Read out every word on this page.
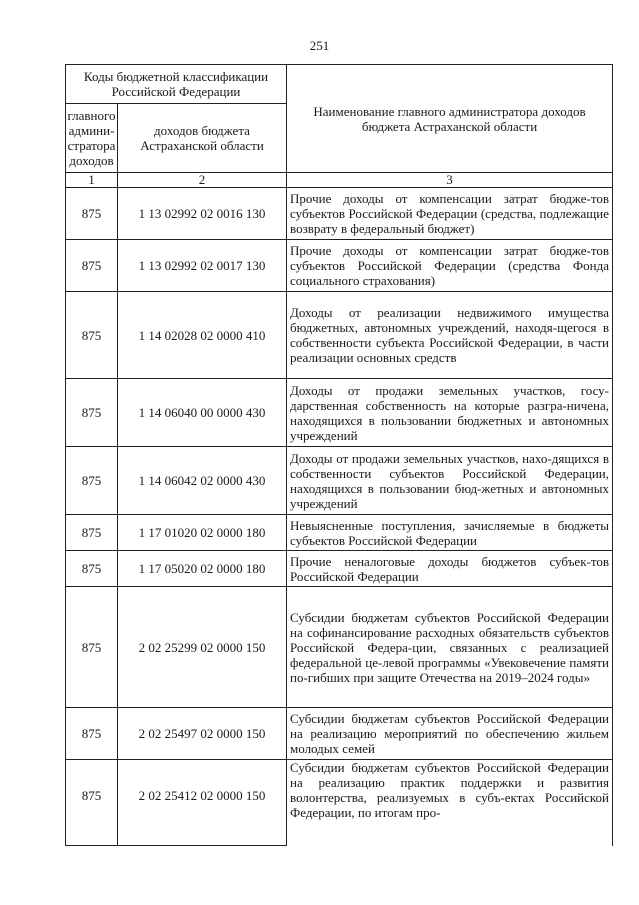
251
Коды бюджетной классификации Российской Федерации		Наименование главного администратора доходов бюджета Астраханской области
главного админи-стратора доходов	доходов бюджета Астраханской области	
1	2	3
875	1 13 02992 02 0016 130	Прочие доходы от компенсации затрат бюдже-тов субъектов Российской Федерации (средства, подлежащие возврату в федеральный бюджет)

875	1 13 02992 02 0017 130	Прочие доходы от компенсации затрат бюдже-тов субъектов Российской Федерации (средства Фонда социального страхования)

875	1 14 02028 02 0000 410	Доходы от реализации недвижимого имущества бюджетных, автономных учреждений, находя-щегося в собственности субъекта Российской Федерации, в части реализации основных средств

875	1 14 06040 00 0000 430	Доходы от продажи земельных участков, госу-дарственная собственность на которые разгра-ничена, находящихся в пользовании бюджетных и автономных учреждений

875	1 14 06042 02 0000 430	Доходы от продажи земельных участков, нахо-дящихся в собственности субъектов Российской Федерации, находящихся в пользовании бюд-жетных и автономных учреждений

875	1 17 01020 02 0000 180	Невыясненные поступления, зачисляемые в бюджеты субъектов Российской Федерации

875	1 17 05020 02 0000 180	Прочие неналоговые доходы бюджетов субъек-тов Российской Федерации

875	2 02 25299 02 0000 150	Субсидии бюджетам субъектов Российской Федерации на софинансирование расходных обязательств субъектов Российской Федера-ции, связанных с реализацией федеральной це-левой программы «Увековечение памяти по-гибших при защите Отечества на 2019–2024 годы»

875	2 02 25497 02 0000 150	Субсидии бюджетам субъектов Российской Федерации на реализацию мероприятий по обеспечению жильем молодых семей

875	2 02 25412 02 0000 150	Субсидии бюджетам субъектов Российской Федерации на реализацию практик поддержки и развития волонтерства, реализуемых в субъ-ектах Российской Федерации, по итогам про-
